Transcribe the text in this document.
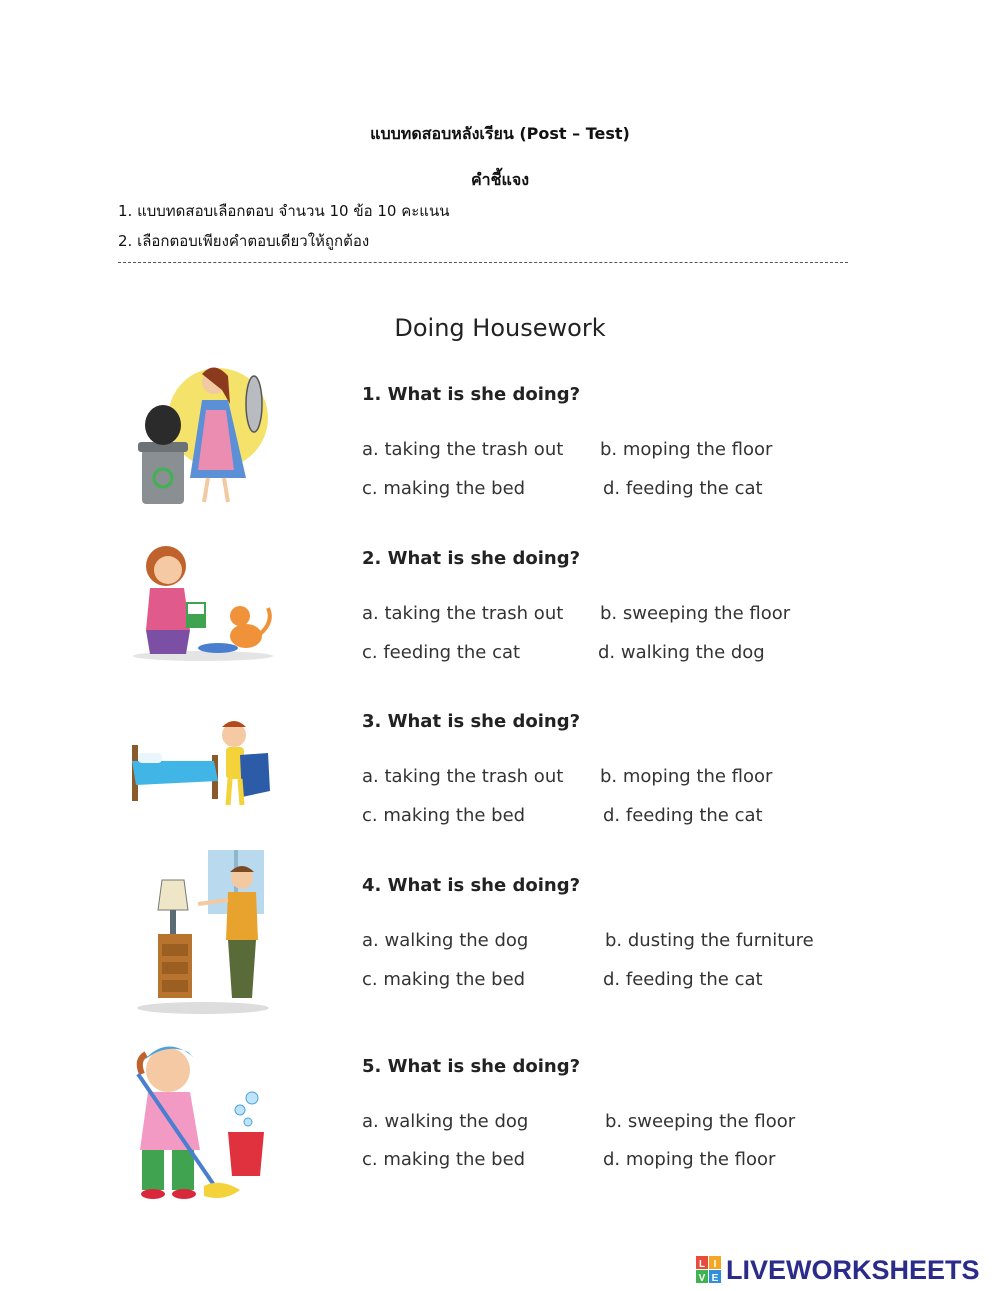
แบบทดสอบหลังเรียน (Post – Test)
คำชี้แจง
1. แบบทดสอบเลือกตอบ จำนวน 10 ข้อ 10 คะแนน
2. เลือกตอบเพียงคำตอบเดียวให้ถูกต้อง
Doing Housework
1. What is she doing?
a. taking the trash out b. moping the floor
c. making the bed	d. feeding the cat
2. What is she doing?
a. taking the trash out b. sweeping the floor
c. feeding the cat	d. walking the dog
3. What is she doing?
a. taking the trash out b. moping the floor
c. making the bed	d. feeding the cat
4. What is she doing?
a. walking the dog	b. dusting the furniture
c. making the bed	d. feeding the cat
5. What is she doing?
a. walking the dog	b. sweeping the floor
c. making the bed	d. moping the floor
L I
V E LIVEWORKSHEETS
